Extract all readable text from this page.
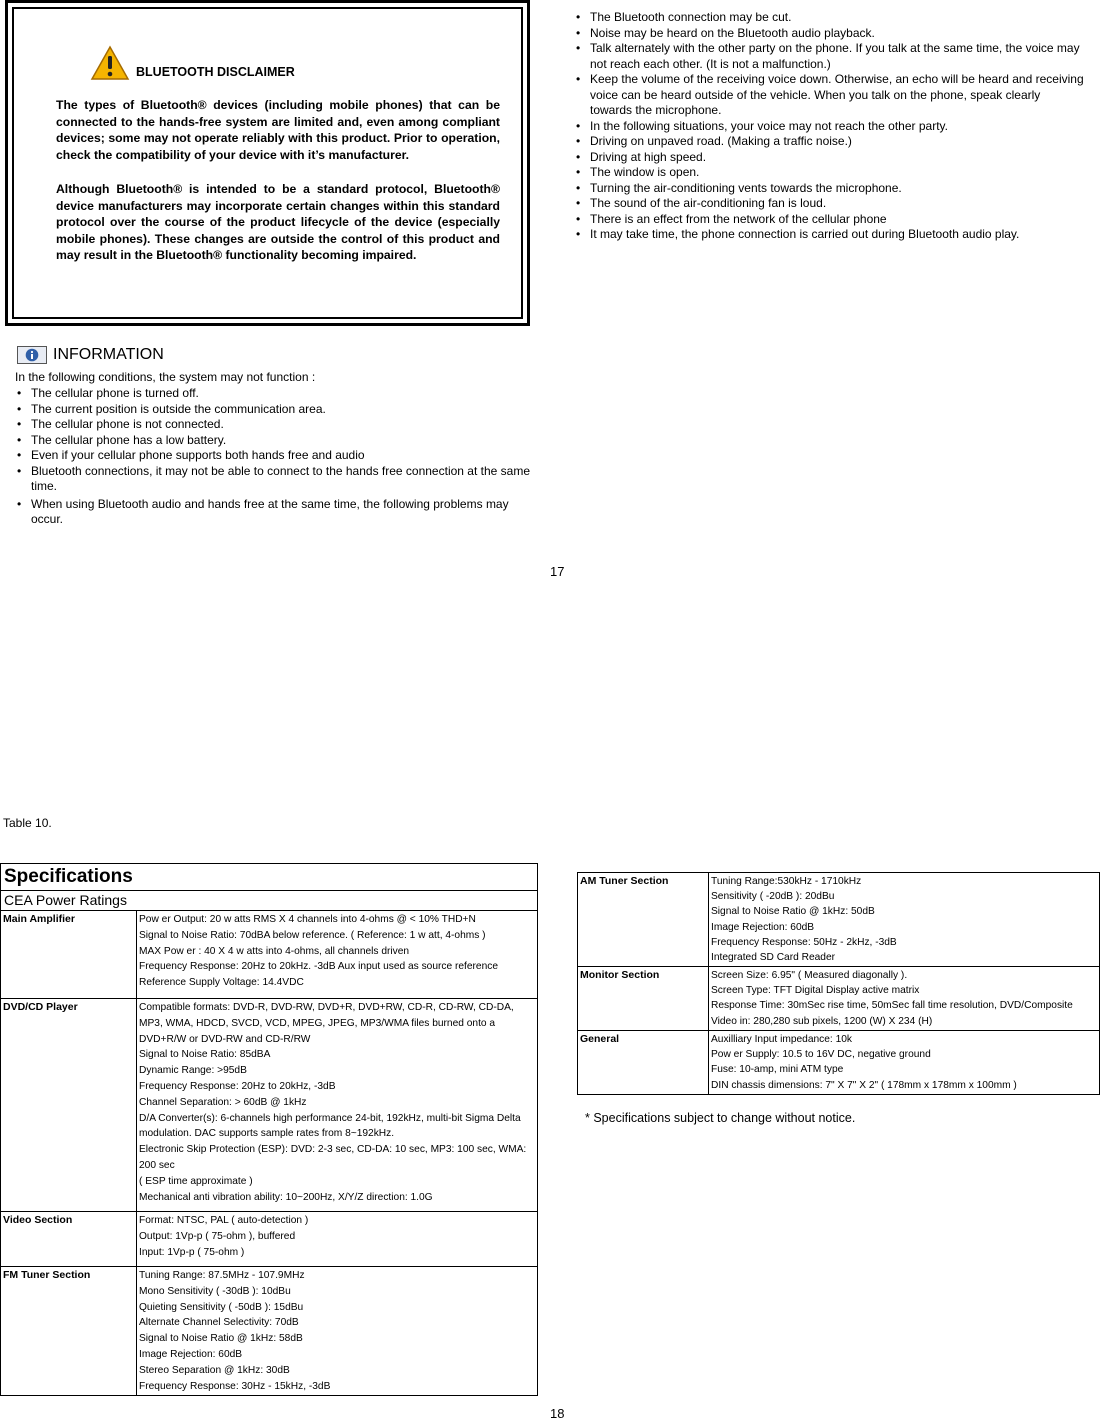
BLUETOOTH DISCLAIMER
The types of Bluetooth® devices (including mobile phones) that can be connected to the hands-free system are limited and, even among compliant devices; some may not operate reliably with this product. Prior to operation, check the compatibility of your device with it’s manufacturer.
Although Bluetooth® is intended to be a standard protocol, Bluetooth® device manufacturers may incorporate certain changes within this standard protocol over the course of the product lifecycle of the device (especially mobile phones). These changes are outside the control of this product and may result in the Bluetooth® functionality becoming impaired.
INFORMATION
In the following conditions, the system may not function :
• The cellular phone is turned off.
• The current position is outside the communication area.
• The cellular phone is not connected.
• The cellular phone has a low battery.
• Even if your cellular phone supports both hands free and audio
• Bluetooth connections, it may not be able to connect to the hands free connection at the same time.
• When using Bluetooth audio and hands free at the same time, the following problems may occur.
• The Bluetooth connection may be cut.
• Noise may be heard on the Bluetooth audio playback.
• Talk alternately with the other party on the phone. If you talk at the same time, the voice may not reach each other. (It is not a malfunction.)
• Keep the volume of the receiving voice down. Otherwise, an echo will be heard and receiving voice can be heard outside of the vehicle. When you talk on the phone, speak clearly towards the microphone.
• In the following situations, your voice may not reach the other party.
• Driving on unpaved road. (Making a traffic noise.)
• Driving at high speed.
• The window is open.
• Turning the air-conditioning vents towards the microphone.
• The sound of the air-conditioning fan is loud.
• There is an effect from the network of the cellular phone
• It may take time, the phone connection is carried out during Bluetooth audio play.
17
Table 10.
Specifications
CEA Power Ratings
Main Amplifier	Pow er Output: 20 w atts RMS X 4 channels into 4-ohms @ < 10% THD+N
Signal to Noise Ratio: 70dBA below reference. ( Reference: 1 w att, 4-ohms )
MAX Pow er : 40 X 4 w atts into 4-ohms, all channels driven
Frequency Response: 20Hz to 20kHz. -3dB Aux input used as source reference Reference Supply Voltage: 14.4VDC
DVD/CD Player	Compatible formats: DVD-R, DVD-RW, DVD+R, DVD+RW, CD-R, CD-RW, CD-DA, MP3, WMA, HDCD, SVCD, VCD, MPEG, JPEG, MP3/WMA files burned onto a DVD+R/W or DVD-RW and CD-R/RW
Signal to Noise Ratio: 85dBA
Dynamic Range: >95dB
Frequency Response: 20Hz to 20kHz, -3dB
Channel Separation: > 60dB @ 1kHz
D/A Converter(s): 6-channels high performance 24-bit, 192kHz, multi-bit Sigma Delta modulation. DAC supports sample rates from 8~192kHz.
Electronic Skip Protection (ESP): DVD: 2-3 sec, CD-DA: 10 sec, MP3: 100 sec, WMA: 200 sec
( ESP time approximate )
Mechanical anti vibration ability: 10~200Hz, X/Y/Z direction: 1.0G
Video Section	Format: NTSC, PAL ( auto-detection )
Output: 1Vp-p ( 75-ohm ), buffered
Input: 1Vp-p ( 75-ohm )
FM Tuner Section	Tuning Range: 87.5MHz - 107.9MHz
Mono Sensitivity ( -30dB ): 10dBu
Quieting Sensitivity ( -50dB ): 15dBu
Alternate Channel Selectivity: 70dB
Signal to Noise Ratio @ 1kHz: 58dB
Image Rejection: 60dB
Stereo Separation @ 1kHz: 30dB
Frequency Response: 30Hz - 15kHz, -3dB
AM Tuner Section	Tuning Range:530kHz - 1710kHz
Sensitivity ( -20dB ): 20dBu
Signal to Noise Ratio @ 1kHz: 50dB
Image Rejection: 60dB
Frequency Response: 50Hz - 2kHz, -3dB
Integrated SD Card Reader
Monitor Section	Screen Size: 6.95" ( Measured diagonally ).
Screen Type: TFT Digital Display active matrix
Response Time: 30mSec rise time, 50mSec fall time resolution, DVD/Composite Video in: 280,280 sub pixels, 1200 (W) X 234 (H)
General	Auxilliary Input impedance: 10k
Pow er Supply: 10.5 to 16V DC, negative ground
Fuse: 10-amp, mini ATM type
DIN chassis dimensions: 7" X 7" X 2" ( 178mm x 178mm x 100mm )
* Specifications subject to change without notice.
18
